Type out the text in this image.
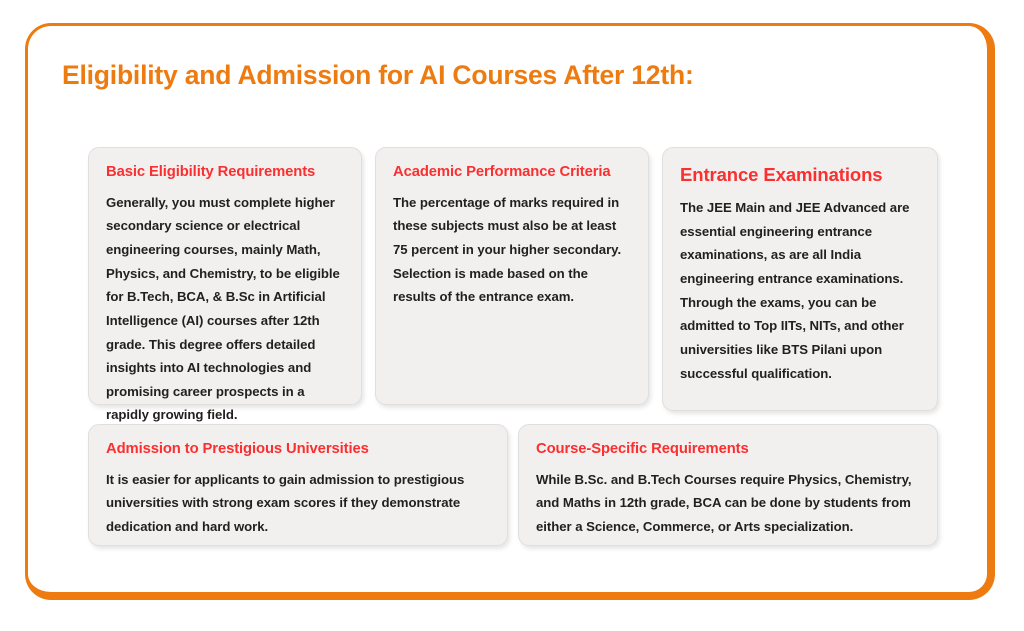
Eligibility and Admission for AI Courses After 12th:
Basic Eligibility Requirements
Generally, you must complete higher secondary science or electrical engineering courses, mainly Math, Physics, and Chemistry, to be eligible for B.Tech, BCA, & B.Sc in Artificial Intelligence (AI) courses after 12th grade. This degree offers detailed insights into AI technologies and promising career prospects in a rapidly growing field.
Academic Performance Criteria
The percentage of marks required in these subjects must also be at least 75 percent in your higher secondary. Selection is made based on the results of the entrance exam.
Entrance Examinations
The JEE Main and JEE Advanced are essential engineering entrance examinations, as are all India engineering entrance examinations. Through the exams, you can be admitted to Top IITs, NITs, and other universities like BTS Pilani upon successful qualification.
Admission to Prestigious Universities
It is easier for applicants to gain admission to prestigious universities with strong exam scores if they demonstrate dedication and hard work.
Course-Specific Requirements
While B.Sc. and B.Tech Courses require Physics, Chemistry, and Maths in 12th grade, BCA can be done by students from either a Science, Commerce, or Arts specialization.
